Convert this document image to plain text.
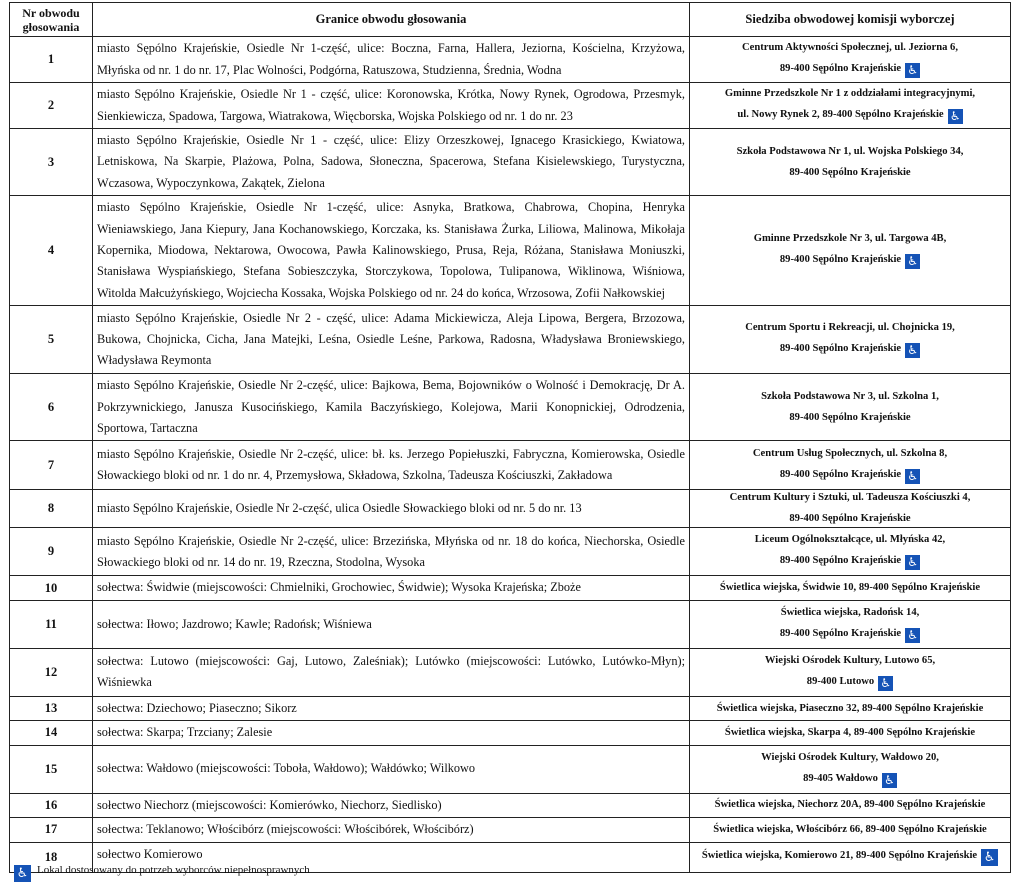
Nr obwodu głosowania	Granice obwodu głosowania	Siedziba obwodowej komisji wyborczej
1	miasto Sępólno Krajeńskie, Osiedle Nr 1-część, ulice: Boczna, Farna, Hallera, Jeziorna, Kościelna, Krzyżowa, Młyńska od nr. 1 do nr. 17, Plac Wolności, Podgórna, Ratuszowa, Studzienna, Średnia, Wodna	Centrum Aktywności Społecznej, ul. Jeziorna 6,
89-400 Sępólno Krajeńskie ♿

2	miasto Sępólno Krajeńskie, Osiedle Nr 1 - część, ulice: Koronowska, Krótka, Nowy Rynek, Ogrodowa, Przesmyk, Sienkiewicza, Spadowa, Targowa, Wiatrakowa, Więcborska, Wojska Polskiego od nr. 1 do nr. 23	Gminne Przedszkole Nr 1 z oddziałami integracyjnymi,
ul. Nowy Rynek 2, 89-400 Sępólno Krajeńskie ♿

3	miasto Sępólno Krajeńskie, Osiedle Nr 1 - część, ulice: Elizy Orzeszkowej, Ignacego Krasickiego, Kwiatowa, Letniskowa, Na Skarpie, Plażowa, Polna, Sadowa, Słoneczna, Spacerowa, Stefana Kisielewskiego, Turystyczna, Wczasowa, Wypoczynkowa, Zakątek, Zielona	Szkoła Podstawowa Nr 1, ul. Wojska Polskiego 34,
89-400 Sępólno Krajeńskie

4	miasto Sępólno Krajeńskie, Osiedle Nr 1-część, ulice: Asnyka, Bratkowa, Chabrowa, Chopina, Henryka Wieniawskiego, Jana Kiepury, Jana Kochanowskiego, Korczaka, ks. Stanisława Żurka, Liliowa, Malinowa, Mikołaja Kopernika, Miodowa, Nektarowa, Owocowa, Pawła Kalinowskiego, Prusa, Reja, Różana, Stanisława Moniuszki, Stanisława Wyspiańskiego, Stefana Sobieszczyka, Storczykowa, Topolowa, Tulipanowa, Wiklinowa, Wiśniowa, Witolda Małcużyńskiego, Wojciecha Kossaka, Wojska Polskiego od nr. 24 do końca, Wrzosowa, Zofii Nałkowskiej	Gminne Przedszkole Nr 3, ul. Targowa 4B,
89-400 Sępólno Krajeńskie ♿

5	miasto Sępólno Krajeńskie, Osiedle Nr 2 - część, ulice: Adama Mickiewicza, Aleja Lipowa, Bergera, Brzozowa, Bukowa, Chojnicka, Cicha, Jana Matejki, Leśna, Osiedle Leśne, Parkowa, Radosna, Władysława Broniewskiego, Władysława Reymonta	Centrum Sportu i Rekreacji, ul. Chojnicka 19,
89-400 Sępólno Krajeńskie ♿

6	miasto Sępólno Krajeńskie, Osiedle Nr 2-część, ulice: Bajkowa, Bema, Bojowników o Wolność i Demokrację, Dr A. Pokrzywnickiego, Janusza Kusocińskiego, Kamila Baczyńskiego, Kolejowa, Marii Konopnickiej, Odrodzenia, Sportowa, Tartaczna	Szkoła Podstawowa Nr 3, ul. Szkolna 1,
89-400 Sępólno Krajeńskie

7	miasto Sępólno Krajeńskie, Osiedle Nr 2-część, ulice: bł. ks. Jerzego Popiełuszki, Fabryczna, Komierowska, Osiedle Słowackiego bloki od nr. 1 do nr. 4, Przemysłowa, Składowa, Szkolna, Tadeusza Kościuszki, Zakładowa	Centrum Usług Społecznych, ul. Szkolna 8,
89-400 Sępólno Krajeńskie ♿

8	miasto Sępólno Krajeńskie, Osiedle Nr 2-część, ulica Osiedle Słowackiego bloki od nr. 5 do nr. 13	Centrum Kultury i Sztuki, ul. Tadeusza Kościuszki 4,
89-400 Sępólno Krajeńskie

9	miasto Sępólno Krajeńskie, Osiedle Nr 2-część, ulice: Brzezińska, Młyńska od nr. 18 do końca, Niechorska, Osiedle Słowackiego bloki od nr. 14 do nr. 19, Rzeczna, Stodolna, Wysoka	Liceum Ogólnokształcące, ul. Młyńska 42,
89-400 Sępólno Krajeńskie ♿

10	sołectwa: Świdwie (miejscowości: Chmielniki, Grochowiec, Świdwie); Wysoka Krajeńska; Zboże	Świetlica wiejska, Świdwie 10, 89-400 Sępólno Krajeńskie

11	sołectwa: Iłowo; Jazdrowo; Kawle; Radońsk; Wiśniewa	Świetlica wiejska, Radońsk 14,
89-400 Sępólno Krajeńskie ♿

12	sołectwa: Lutowo (miejscowości: Gaj, Lutowo, Zaleśniak); Lutówko (miejscowości: Lutówko, Lutówko-Młyn); Wiśniewka	Wiejski Ośrodek Kultury, Lutowo 65,
89-400 Lutowo ♿

13	sołectwa: Dziechowo; Piaseczno; Sikorz	Świetlica wiejska, Piaseczno 32, 89-400 Sępólno Krajeńskie

14	sołectwa: Skarpa; Trzciany; Zalesie	Świetlica wiejska, Skarpa 4, 89-400 Sępólno Krajeńskie

15	sołectwa: Wałdowo (miejscowości: Toboła, Wałdowo); Wałdówko; Wilkowo	Wiejski Ośrodek Kultury, Wałdowo 20,
89-405 Wałdowo ♿

16	sołectwo Niechorz (miejscowości: Komierówko, Niechorz, Siedlisko)	Świetlica wiejska, Niechorz 20A, 89-400 Sępólno Krajeńskie

17	sołectwa: Teklanowo; Włościbórz (miejscowości: Włościbórek, Włościbórz)	Świetlica wiejska, Włościbórz 66, 89-400 Sępólno Krajeńskie

18	sołectwo Komierowo	Świetlica wiejska, Komierowo 21, 89-400 Sępólno Krajeńskie ♿
♿ Lokal dostosowany do potrzeb wyborców niepełnosprawnych
